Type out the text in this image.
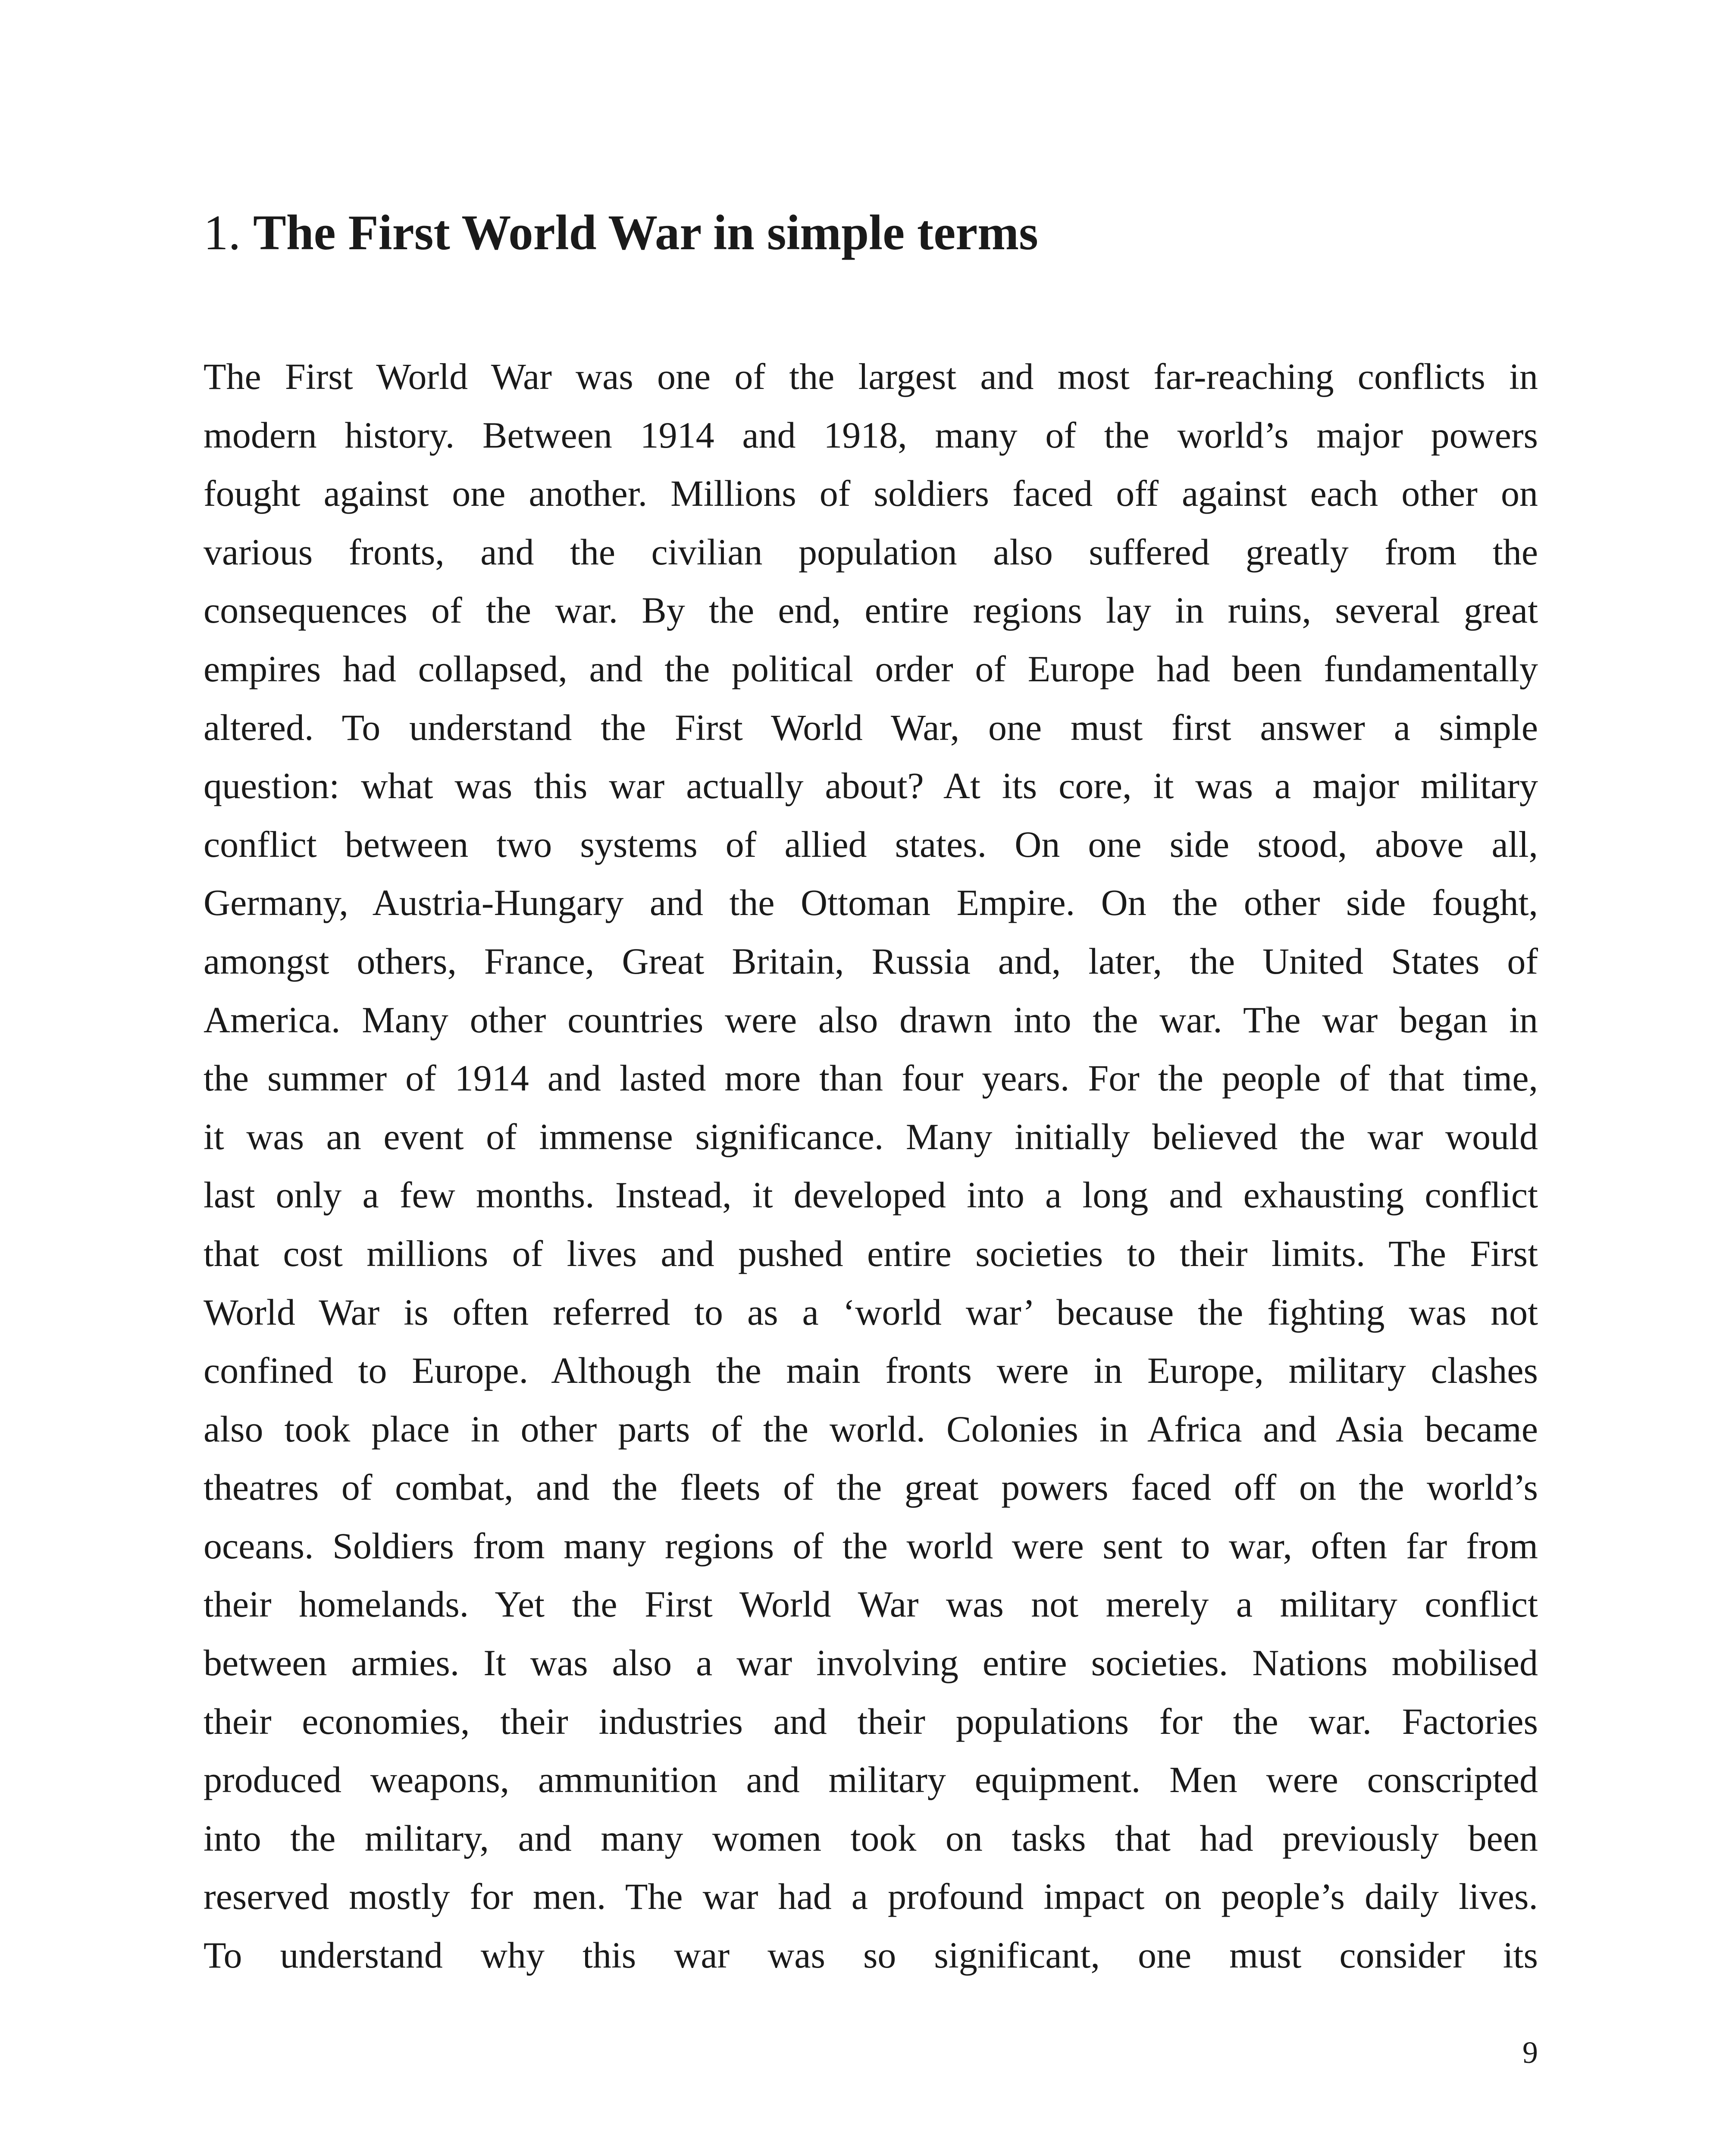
1. The First World War in simple terms
The First World War was one of the largest and most far-reaching conflicts in
modern history. Between 1914 and 1918, many of the world’s major powers
fought against one another. Millions of soldiers faced off against each other on
various fronts, and the civilian population also suffered greatly from the
consequences of the war. By the end, entire regions lay in ruins, several great
empires had collapsed, and the political order of Europe had been fundamentally
altered. To understand the First World War, one must first answer a simple
question: what was this war actually about? At its core, it was a major military
conflict between two systems of allied states. On one side stood, above all,
Germany, Austria-Hungary and the Ottoman Empire. On the other side fought,
amongst others, France, Great Britain, Russia and, later, the United States of
America. Many other countries were also drawn into the war. The war began in
the summer of 1914 and lasted more than four years. For the people of that time,
it was an event of immense significance. Many initially believed the war would
last only a few months. Instead, it developed into a long and exhausting conflict
that cost millions of lives and pushed entire societies to their limits. The First
World War is often referred to as a ‘world war’ because the fighting was not
confined to Europe. Although the main fronts were in Europe, military clashes
also took place in other parts of the world. Colonies in Africa and Asia became
theatres of combat, and the fleets of the great powers faced off on the world’s
oceans. Soldiers from many regions of the world were sent to war, often far from
their homelands. Yet the First World War was not merely a military conflict
between armies. It was also a war involving entire societies. Nations mobilised
their economies, their industries and their populations for the war. Factories
produced weapons, ammunition and military equipment. Men were conscripted
into the military, and many women took on tasks that had previously been
reserved mostly for men. The war had a profound impact on people’s daily lives.
To understand why this war was so significant, one must consider its
9
